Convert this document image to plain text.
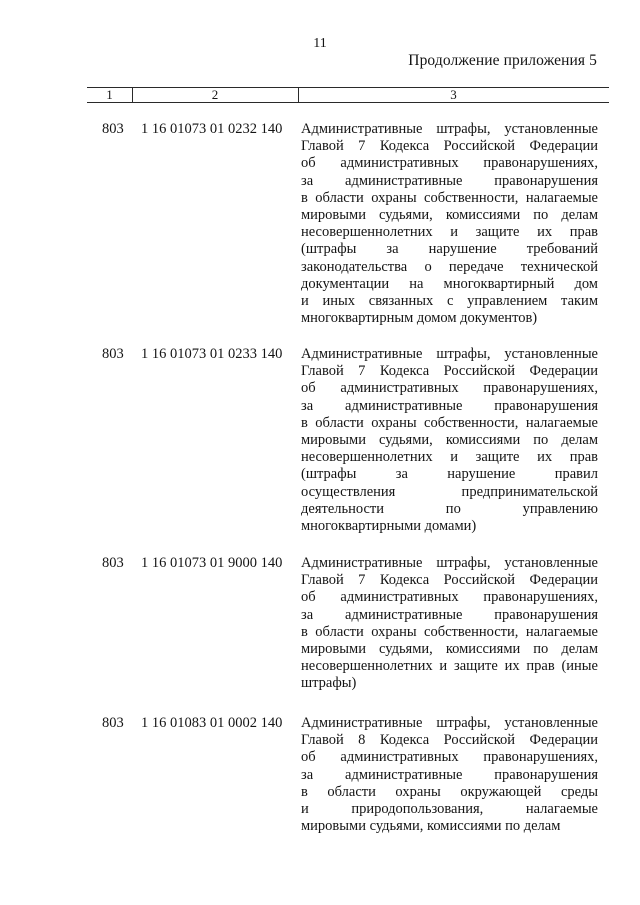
11
Продолжение приложения 5
1	2	3
803 1 16 01073 01 0232 140 Административные штрафы, установленные
Главой 7 Кодекса Российской Федерации
об административных правонарушениях,
за административные правонарушения
в области охраны собственности, налагаемые
мировыми судьями, комиссиями по делам
несовершеннолетних и защите их прав
(штрафы за нарушение требований
законодательства о передаче технической
документации на многоквартирный дом
и иных связанных с управлением таким
многоквартирным домом документов)
803 1 16 01073 01 0233 140 Административные штрафы, установленные
Главой 7 Кодекса Российской Федерации
об административных правонарушениях,
за административные правонарушения
в области охраны собственности, налагаемые
мировыми судьями, комиссиями по делам
несовершеннолетних и защите их прав
(штрафы за нарушение правил
осуществления предпринимательской
деятельности по управлению
многоквартирными домами)
803 1 16 01073 01 9000 140 Административные штрафы, установленные
Главой 7 Кодекса Российской Федерации
об административных правонарушениях,
за административные правонарушения
в области охраны собственности, налагаемые
мировыми судьями, комиссиями по делам
несовершеннолетних и защите их прав (иные
штрафы)
803 1 16 01083 01 0002 140 Административные штрафы, установленные
Главой 8 Кодекса Российской Федерации
об административных правонарушениях,
за административные правонарушения
в области охраны окружающей среды
и природопользования, налагаемые
мировыми судьями, комиссиями по делам
